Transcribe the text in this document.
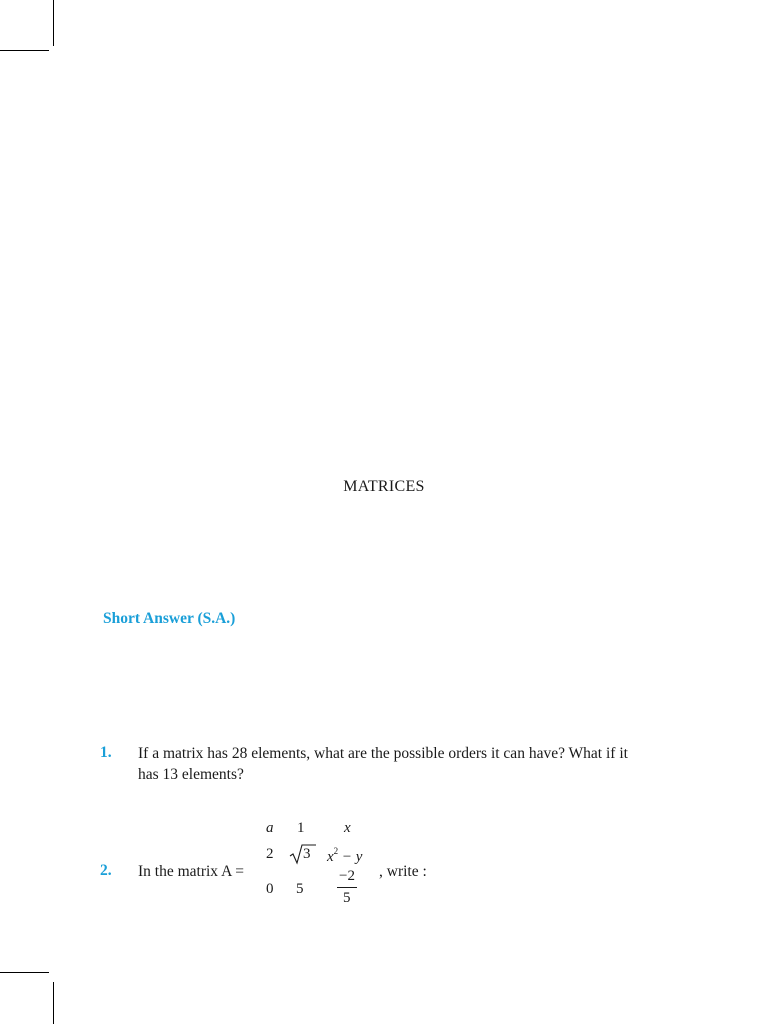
MATRICES
Short Answer (S.A.)
1. If a matrix has 28 elements, what are the possible orders it can have? What if it
has 13 elements?
2. In the matrix A =
a 1	x
2 3 $x^2 - y$
0 5
−2
5
, write :
